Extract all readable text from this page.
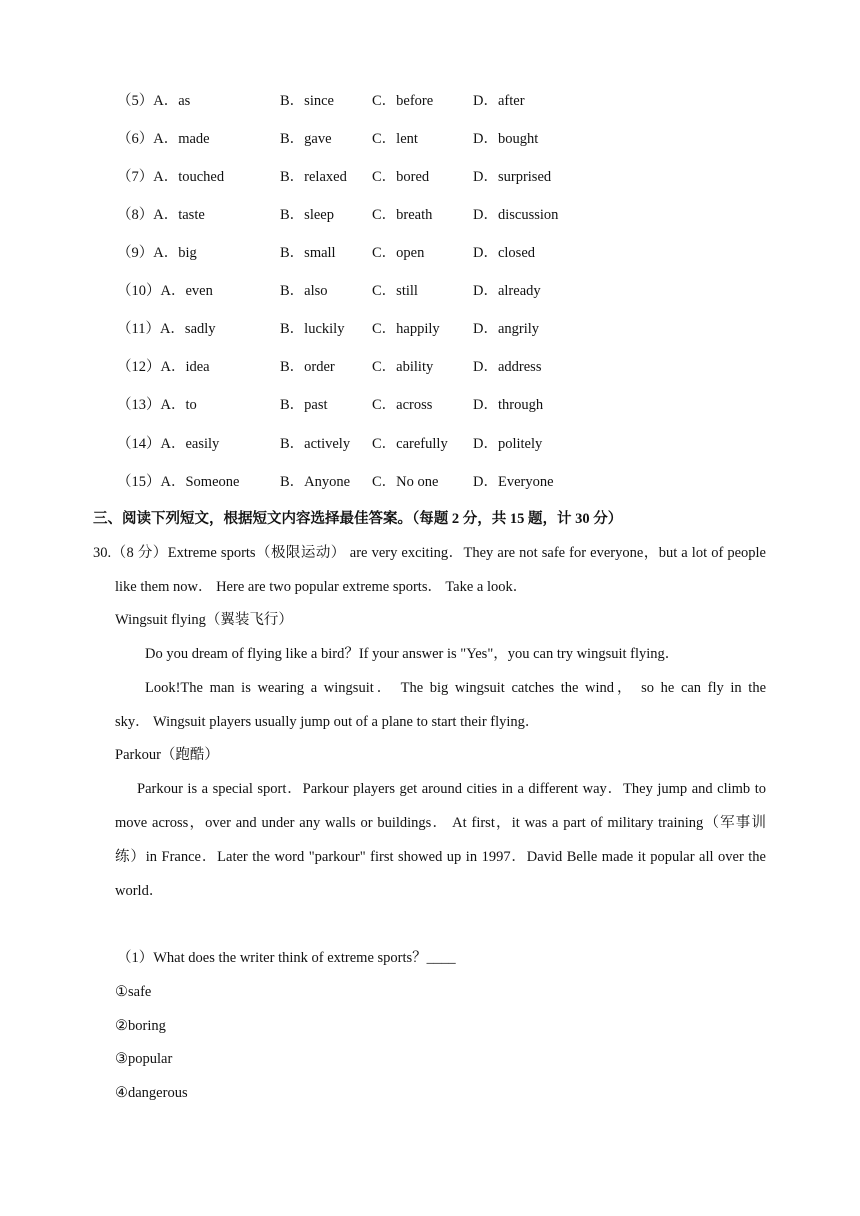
（5）A．as	B．since	C．before	D．after
（6）A．made	B．gave	C．lent	D．bought
（7）A．touched	B．relaxed C．bored	D．surprised
（8）A．taste	B．sleep	C．breath	D．discussion
（9）A．big	B．small	C．open	D．closed
（10）A．even	B．also	C．still	D．already
（11）A．sadly	B．luckily C．happily D．angrily
（12）A．idea	B．order	C．ability	D．address
（13）A．to	B．past	C．across	D．through
（14）A．easily	B．actively C．carefully D．politely
（15）A．Someone	B．Anyone C．No one D．Everyone
三、阅读下列短文，根据短文内容选择最佳答案。（每题 2 分，共 15 题，计 30 分）
30.（8 分）Extreme sports（极限运动） are very exciting．They are not safe for everyone，but a lot of people
like them now． Here are two popular extreme sports． Take a look．
Wingsuit flying（翼装飞行）
Do you dream of flying like a bird？If your answer is "Yes"，you can try wingsuit flying．
Look!The man is wearing a wingsuit． The big wingsuit catches the wind， so he can fly in the
sky． Wingsuit players usually jump out of a plane to start their flying．
Parkour（跑酷）
Parkour is a special sport．Parkour players get around cities in a different way．They jump and climb to
move across，over and under any walls or buildings． At first，it was a part of military training（军事训
练）in France．Later the word "parkour" first showed up in 1997．David Belle made it popular all over the
world．
（1）What does the writer think of extreme sports？____
①safe
②boring
③popular
④dangerous
